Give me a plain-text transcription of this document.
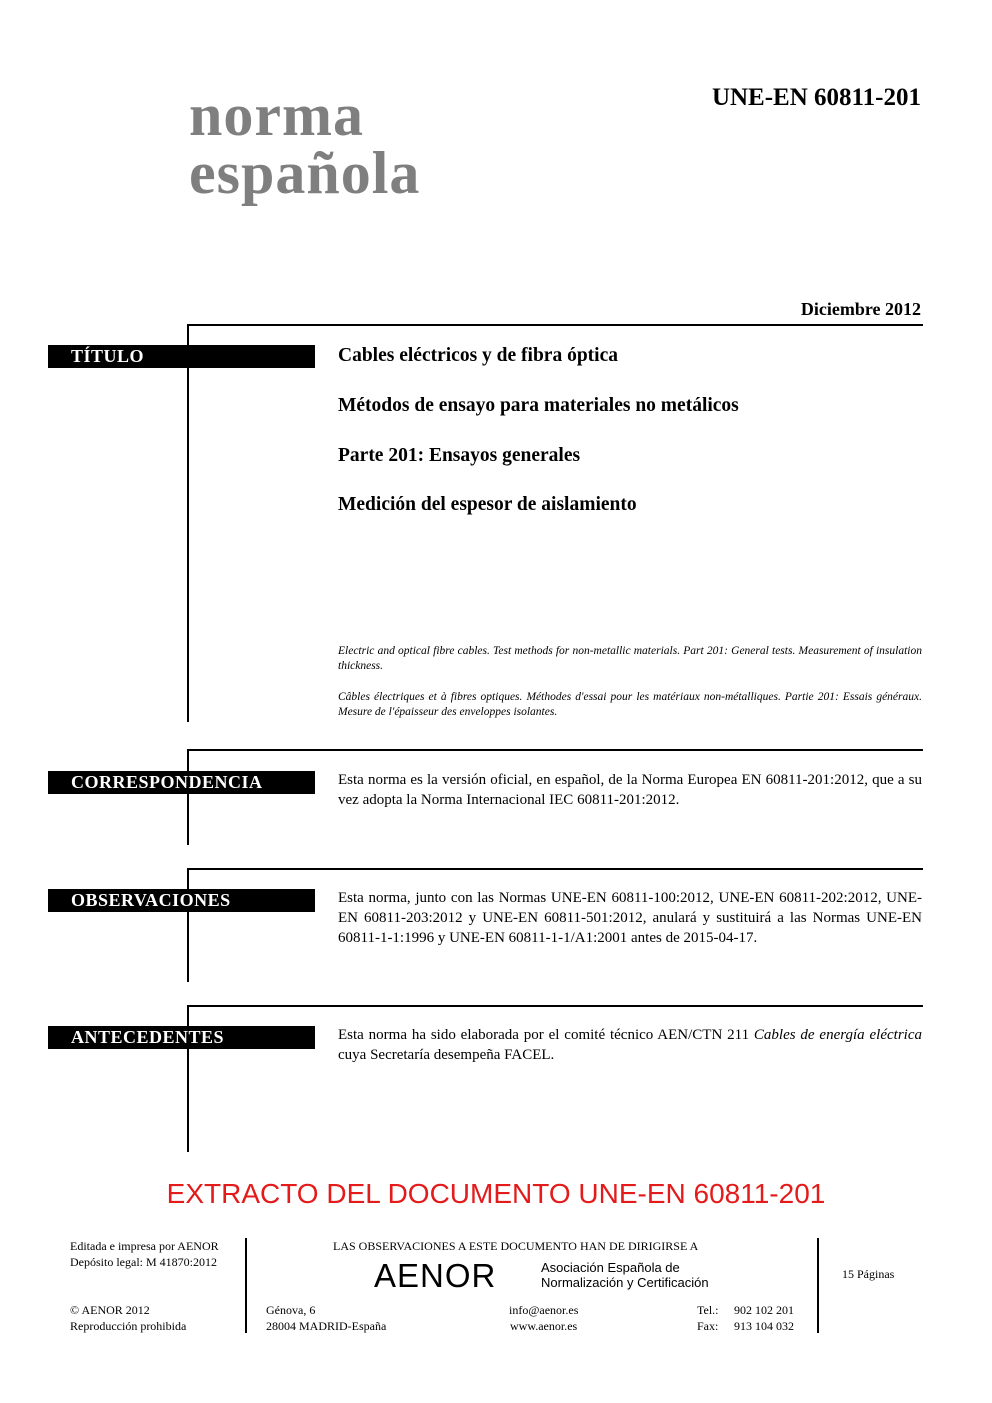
norma
española
UNE-EN 60811-201
Diciembre 2012
TÍTULO	Cables eléctricos y de fibra óptica
Métodos de ensayo para materiales no metálicos
Parte 201: Ensayos generales
Medición del espesor de aislamiento
Electric and optical fibre cables. Test methods for non-metallic materials. Part 201: General tests. Measurement of insulation thickness.
Câbles électriques et à fibres optiques. Méthodes d'essai pour les matériaux non-métalliques. Partie 201: Essais généraux. Mesure de l'épaisseur des enveloppes isolantes.
CORRESPONDENCIA	Esta norma es la versión oficial, en español, de la Norma Europea EN 60811-201:2012, que a su vez adopta la Norma Internacional IEC 60811-201:2012.
OBSERVACIONES	Esta norma, junto con las Normas UNE-EN 60811-100:2012, UNE-EN 60811-202:2012, UNE-EN 60811-203:2012 y UNE-EN 60811-501:2012, anulará y sustituirá a las Normas UNE-EN 60811-1-1:1996 y UNE-EN 60811-1-1/A1:2001 antes de 2015-04-17.
ANTECEDENTES	Esta norma ha sido elaborada por el comité técnico AEN/CTN 211 Cables de energía eléctrica cuya Secretaría desempeña FACEL.
EXTRACTO DEL DOCUMENTO UNE-EN 60811-201
Editada e impresa por AENOR
Depósito legal: M 41870:2012
© AENOR 2012
Reproducción prohibida
LAS OBSERVACIONES A ESTE DOCUMENTO HAN DE DIRIGIRSE A
AENOR	Asociación Española de
Normalización y Certificación
Génova, 6
28004 MADRID-España
info@aenor.es
www.aenor.es
Tel.: 902 102 201
Fax: 913 104 032
15 Páginas
